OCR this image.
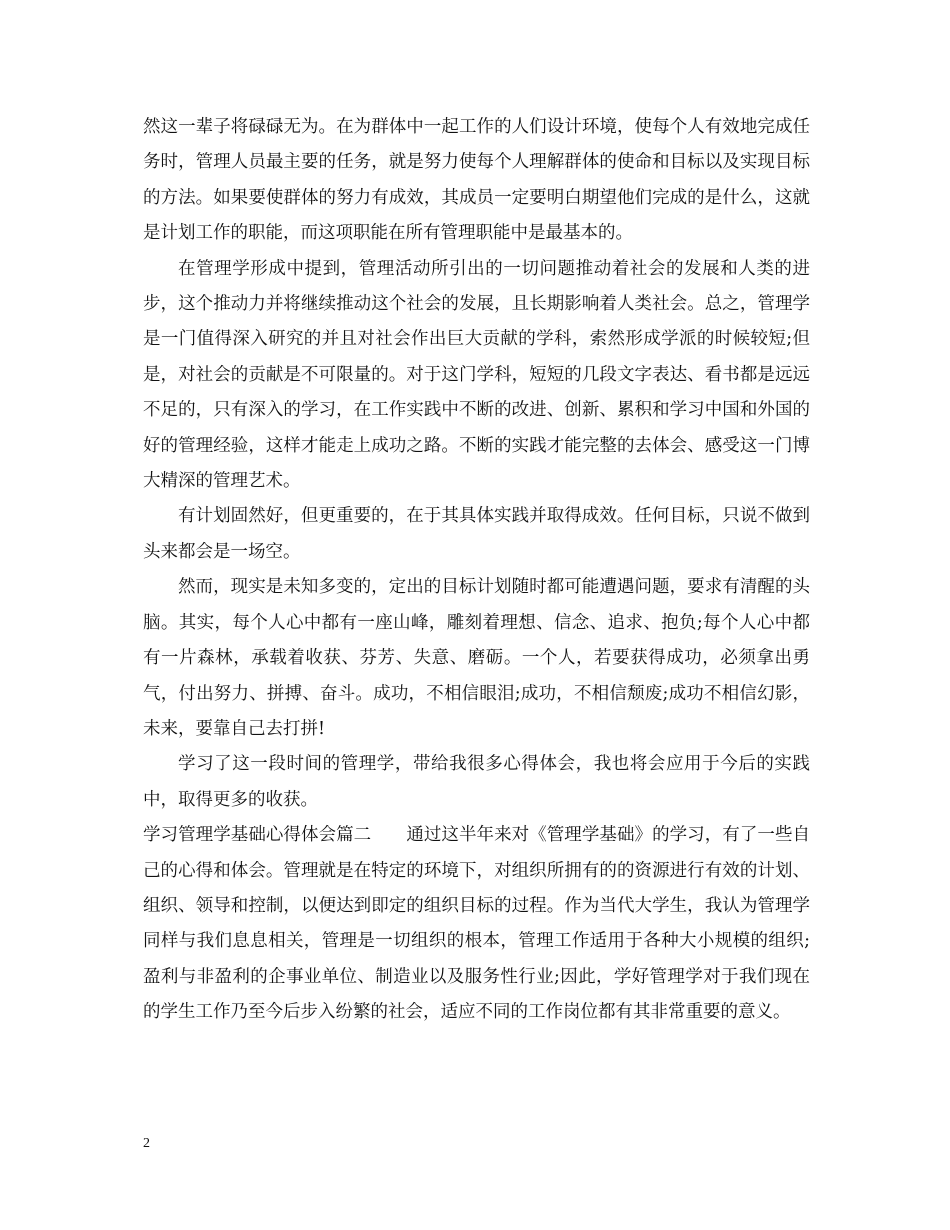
然这一辈子将碌碌无为。在为群体中一起工作的人们设计环境，使每个人有效地完成任务时，管理人员最主要的任务，就是努力使每个人理解群体的使命和目标以及实现目标的方法。如果要使群体的努力有成效，其成员一定要明白期望他们完成的是什么，这就是计划工作的职能，而这项职能在所有管理职能中是最基本的。

在管理学形成中提到，管理活动所引出的一切问题推动着社会的发展和人类的进步，这个推动力并将继续推动这个社会的发展，且长期影响着人类社会。总之，管理学是一门值得深入研究的并且对社会作出巨大贡献的学科，索然形成学派的时候较短;但是，对社会的贡献是不可限量的。对于这门学科，短短的几段文字表达、看书都是远远不足的，只有深入的学习，在工作实践中不断的改进、创新、累积和学习中国和外国的好的管理经验，这样才能走上成功之路。不断的实践才能完整的去体会、感受这一门博大精深的管理艺术。

有计划固然好，但更重要的，在于其具体实践并取得成效。任何目标，只说不做到头来都会是一场空。

然而，现实是未知多变的，定出的目标计划随时都可能遭遇问题，要求有清醒的头脑。其实，每个人心中都有一座山峰，雕刻着理想、信念、追求、抱负;每个人心中都有一片森林，承载着收获、芬芳、失意、磨砺。一个人，若要获得成功，必须拿出勇气，付出努力、拼搏、奋斗。成功，不相信眼泪;成功，不相信颓废;成功不相信幻影，未来，要靠自己去打拼!

学习了这一段时间的管理学，带给我很多心得体会，我也将会应用于今后的实践中，取得更多的收获。

学习管理学基础心得体会篇二　　 通过这半年来对《管理学基础》的学习，有了一些自己的心得和体会。管理就是在特定的环境下，对组织所拥有的的资源进行有效的计划、组织、领导和控制，以便达到即定的组织目标的过程。作为当代大学生，我认为管理学同样与我们息息相关，管理是一切组织的根本，管理工作适用于各种大小规模的组织;盈利与非盈利的企事业单位、制造业以及服务性行业;因此，学好管理学对于我们现在的学生工作乃至今后步入纷繁的社会，适应不同的工作岗位都有其非常重要的意义。

2
